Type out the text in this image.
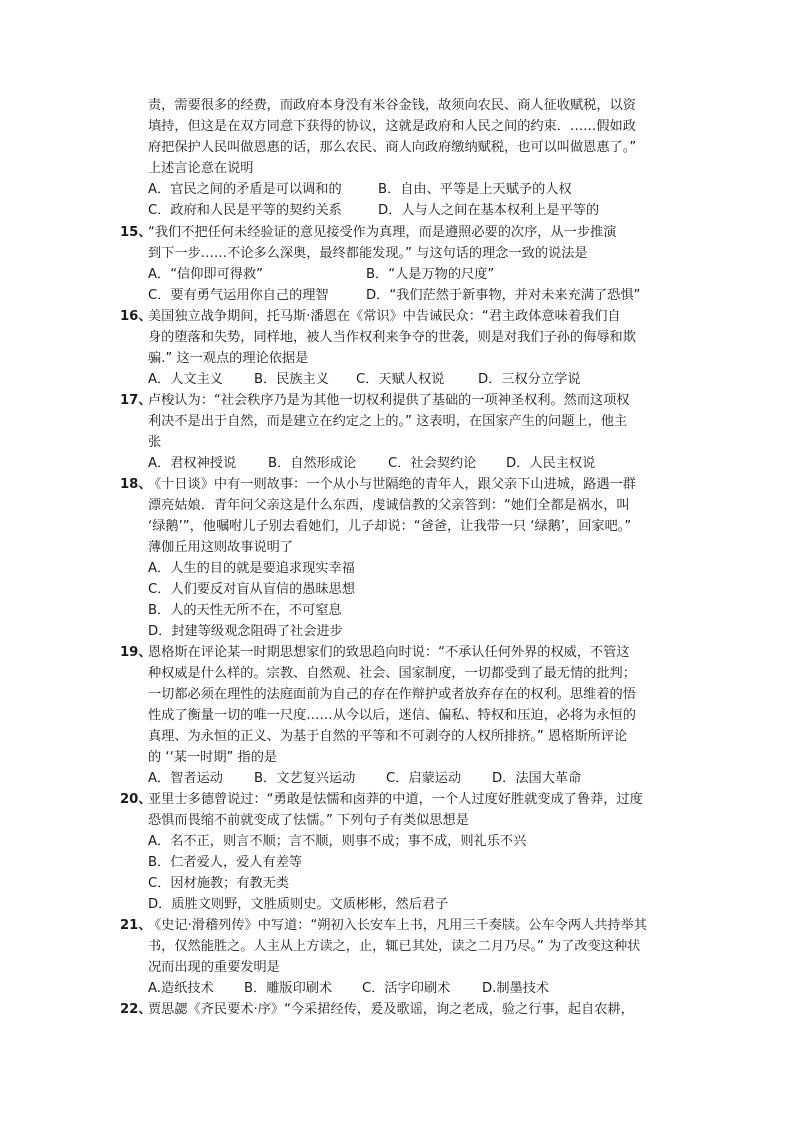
责，需要很多的经费，而政府本身没有米谷金钱，故须向农民、商人征收赋税，以资
填持，但这是在双方同意下获得的协议，这就是政府和人民之间的约束．……假如政
府把保护人民叫做恩惠的话，那么农民、商人向政府缴纳赋税，也可以叫做恩惠了。”
上述言论意在说明
A．官民之间的矛盾是可以调和的	B．自由、平等是上天赋予的人权
C．政府和人民是平等的契约关系	D．人与人之间在基本权利上是平等的
15、
“我们不把任何未经验证的意见接受作为真理，而是遵照必要的次序，从一步推演
到下一步……不论多么深奥，最终都能发现。” 与这句话的理念一致的说法是
A．“信仰即可得救”	B．“人是万物的尺度”
C．要有勇气运用你自己的理智	D．“我们茫然于新事物，并对未来充满了恐惧”
16、
美国独立战争期间，托马斯·潘恩在《常识》中告诫民众：“君主政体意味着我们自
身的堕落和失势，同样地，被人当作权利来争夺的世袭，则是对我们子孙的侮辱和欺
骗.” 这一观点的理论依据是
A．人文主义 B．民族主义 C．天赋人权说	D．三权分立学说
17、
卢梭认为：“社会秩序乃是为其他一切权利提供了基础的一项神圣权利。然而这项权
利决不是出于自然，而是建立在约定之上的。” 这表明，在国家产生的问题上，他主
张
A．君权神授说 B．自然形成论 C．社会契约论 D．人民主权说
18、
《十日谈》中有一则故事：一个从小与世隔绝的青年人，跟父亲下山进城，路遇一群
漂亮姑娘．青年问父亲这是什么东西，虔诚信教的父亲答到：“她们全都是祸水，叫
‘绿鹅’”，他嘱咐儿子别去看她们，儿子却说：“爸爸，让我带一只 ‘绿鹅’，回家吧。”
薄伽丘用这则故事说明了
A．人生的目的就是要追求现实幸福
C．人们要反对盲从盲信的愚昧思想
B．人的天性无所不在，不可窒息
D．封建等级观念阻碍了社会进步
19、
恩格斯在评论某一时期思想家们的致思趋向时说：“不承认任何外界的权威，不管这
种权威是什么样的。宗教、自然观、社会、国家制度，一切都受到了最无情的批判；
一切都必须在理性的法庭面前为自己的存在作辩护或者放弃存在的权利。思维着的悟
性成了衡量一切的唯一尺度……从今以后，迷信、偏私、特权和压迫，必将为永恒的
真理、为永恒的正义、为基于自然的平等和不可剥夺的人权所排挤。” 恩格斯所评论
的 ‘‘某一时期” 指的是
A．智者运动 B．文艺复兴运动 C．启蒙运动 D．法国大革命
20、
亚里士多德曾说过：“勇敢是怯懦和卤莽的中道，一个人过度好胜就变成了鲁莽，过度
恐惧而畏缩不前就变成了怯懦。” 下列句子有类似思想是
A．名不正，则言不顺；言不顺，则事不成；事不成，则礼乐不兴
B．仁者爱人，爱人有差等
C．因材施教；有教无类
D．质胜文则野，文胜质则史。文质彬彬，然后君子
21、
《史记·滑稽列传》中写道：“朔初入长安车上书，凡用三千奏牍。公车令两人共持举其
书，仅然能胜之。人主从上方读之，止，辄已其处，读之二月乃尽。” 为了改变这种状
况而出现的重要发明是
A.造纸技术 B．雕版印刷术 C．活字印刷术 D.制墨技术
22、
贾思勰《齐民要术·序》“今采捃经传，爰及歌谣，询之老成，验之行事，起自农耕，
